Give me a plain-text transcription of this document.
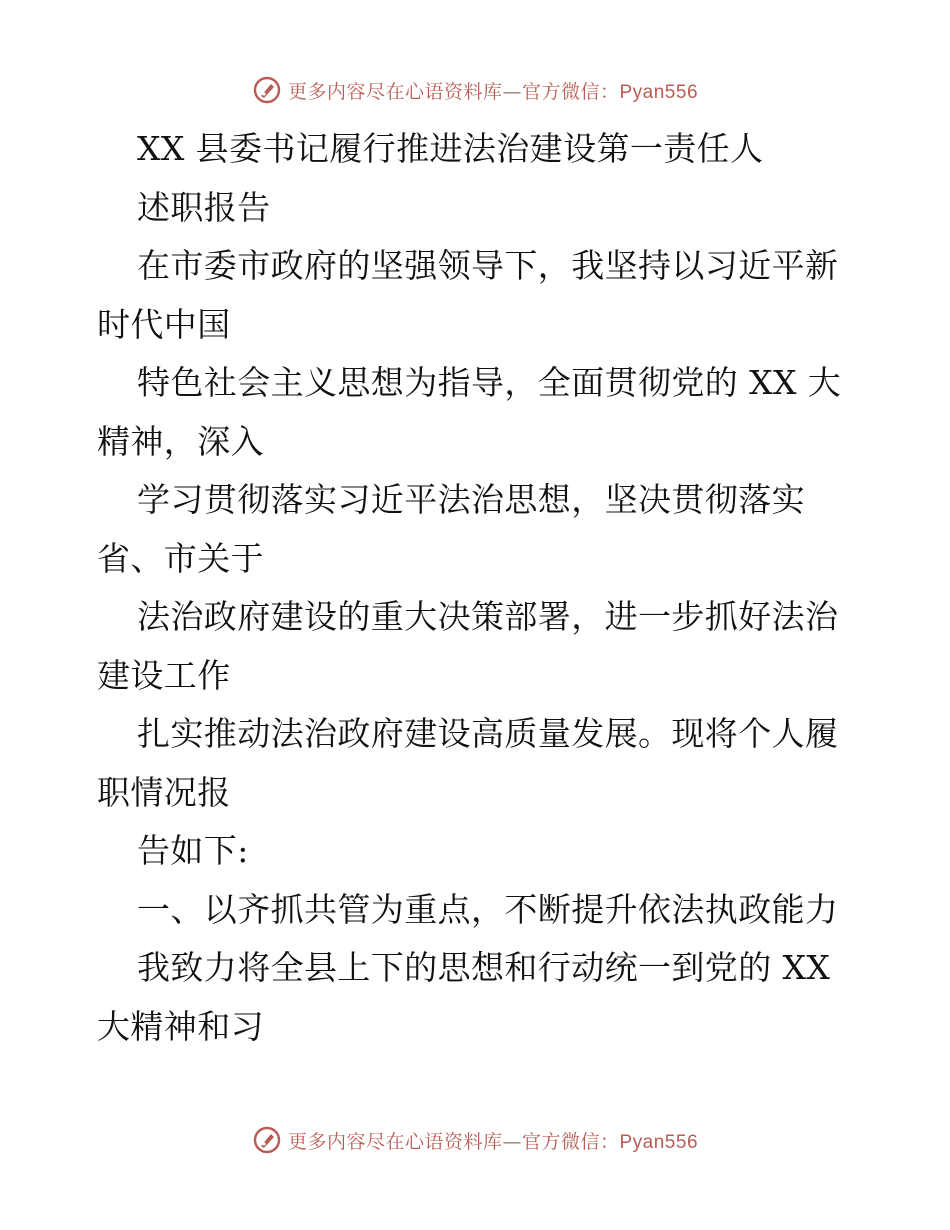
更多内容尽在心语资料库—官方微信：Pyan556
XX 县委书记履行推进法治建设第一责任人
述职报告
在市委市政府的坚强领导下，我坚持以习近平新
时代中国
特色社会主义思想为指导，全面贯彻党的 XX 大
精神，深入
学习贯彻落实习近平法治思想，坚决贯彻落实
省、市关于
法治政府建设的重大决策部署，进一步抓好法治
建设工作
扎实推动法治政府建设高质量发展。现将个人履
职情况报
告如下:
一、以齐抓共管为重点，不断提升依法执政能力
我致力将全县上下的思想和行动统一到党的 XX
大精神和习
更多内容尽在心语资料库—官方微信：Pyan556
